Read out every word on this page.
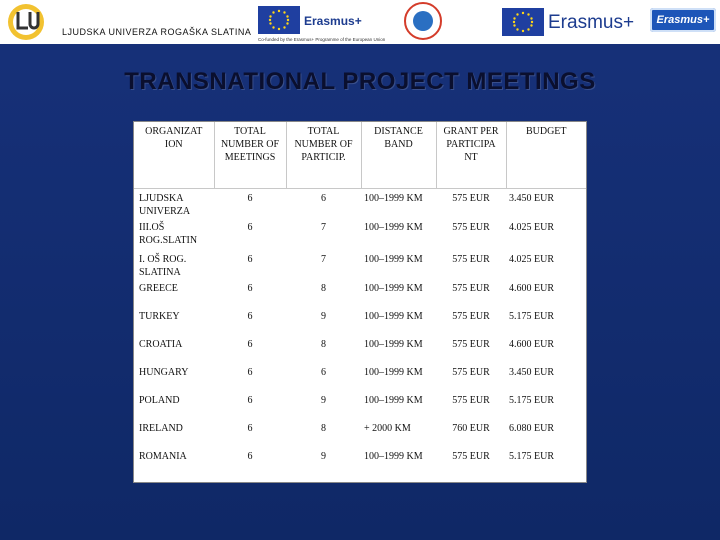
LJUDSKA UNIVERZA ROGAŠKA SLATINA
Erasmus+
Co-funded by the Erasmus+ Programme of the European Union
Erasmus+	Erasmus+
TRANSNATIONAL PROJECT MEETINGS
ORGANIZAT ION	TOTAL NUMBER OF MEETINGS	TOTAL NUMBER OF PARTICIP.	DISTANCE BAND	GRANT PER PARTICIPA NT	BUDGET
LJUDSKA UNIVERZA	6	6	100–1999 KM	575 EUR	3.450 EUR
III.OŠ ROG.SLATIN	6	7	100–1999 KM	575 EUR	4.025 EUR
I. OŠ ROG. SLATINA	6	7	100–1999 KM	575 EUR	4.025 EUR
GREECE	6	8	100–1999 KM	575 EUR	4.600 EUR
TURKEY	6	9	100–1999 KM	575 EUR	5.175 EUR
CROATIA	6	8	100–1999 KM	575 EUR	4.600 EUR
HUNGARY	6	6	100–1999 KM	575 EUR	3.450 EUR
POLAND	6	9	100–1999 KM	575 EUR	5.175 EUR
IRELAND	6	8	+ 2000 KM	760 EUR	6.080 EUR
ROMANIA	6	9	100–1999 KM	575 EUR	5.175 EUR
